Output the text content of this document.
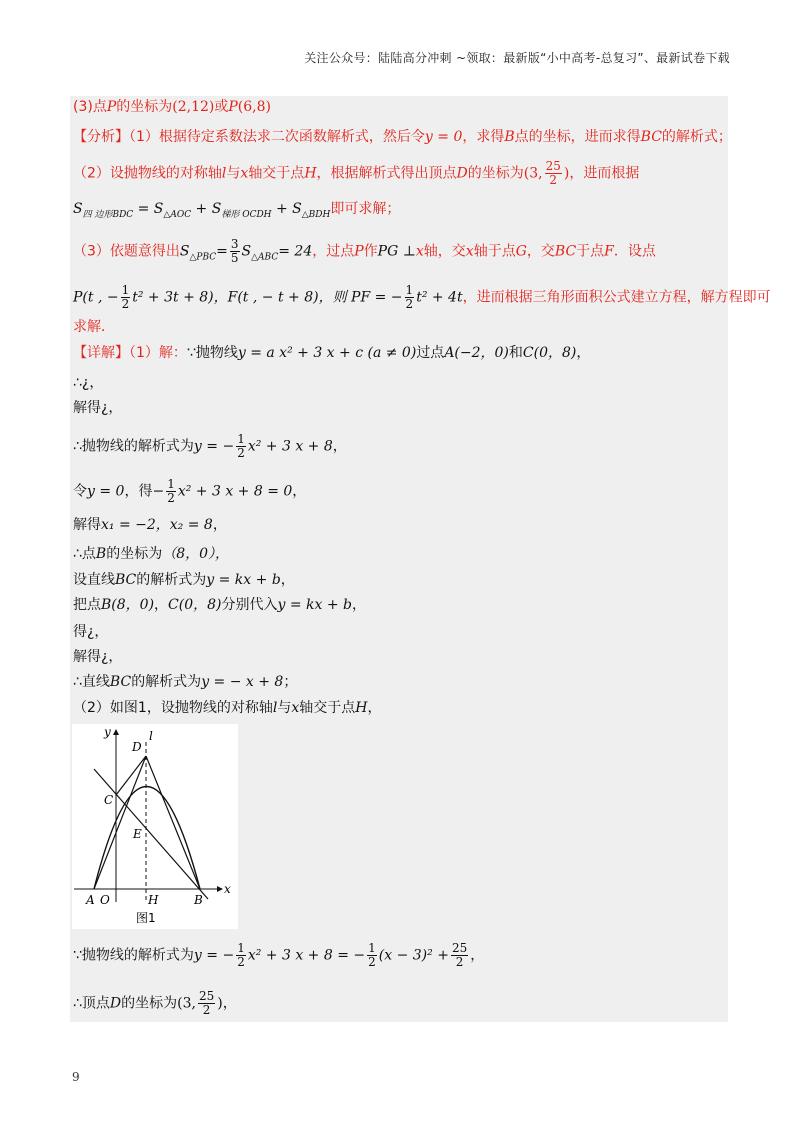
关注公众号：陆陆高分冲刺 ~领取：最新版“小中高考-总复习”、最新试卷下载
(3)点P的坐标为(2,12)或P(6,8)
【分析】（1）根据待定系数法求二次函数解析式，然后令y = 0，求得B点的坐标，进而求得BC的解析式；
（2）设抛物线的对称轴l与x轴交于点H，根据解析式得出顶点D的坐标为(3, $\frac{25}{2}$ )，进而根据
$S_{四 边形BDC} = S_{\triangle AOC} + S_{梯形 OCDH} + S_{\triangle BDH}$即可求解；
（3）依题意得出$S_{\triangle PBC}= \frac{3}{5} S_{\triangle ABC}= 24$，过点P作PG ⊥x轴，交x轴于点G，交BC于点F．设点
P(t , − $\frac{1}{2} t^2 + 3t + 8$)，F(t , − t + 8)，则 PF = − $\frac{1}{2} t^2 + 4t$，进而根据三角形面积公式建立方程，解方程即可
求解．
【详解】（1）解：∵抛物线y = a x² + 3 x + c (a ≠ 0)过点A(−2，0)和C(0，8)，
∴¿，
解得¿，
∴抛物线的解析式为y = − $\frac{1}{2} x^2 + 3$ x + 8，
令y = 0，得− $\frac{1}{2} x^2 + 3$ x + 8 = 0，
解得x₁ = −2，x₂ = 8，
∴点B的坐标为（8，0），
设直线BC的解析式为y = kx + b，
把点B(8，0)，C(0，8)分别代入y = kx + b，
得¿，
解得¿，
∴直线BC的解析式为y = − x + 8；
（2）如图1，设抛物线的对称轴l与x轴交于点H，
y
x
D
l
C
E
A O	H	B
图1
∵抛物线的解析式为y = − $\frac{1}{2} x^2 + 3$ x + 8 = − $\frac{1}{2} (x - 3)^2 + \frac{25}{2}$ ，
∴顶点D的坐标为(3, $\frac{25}{2}$ )，
9
